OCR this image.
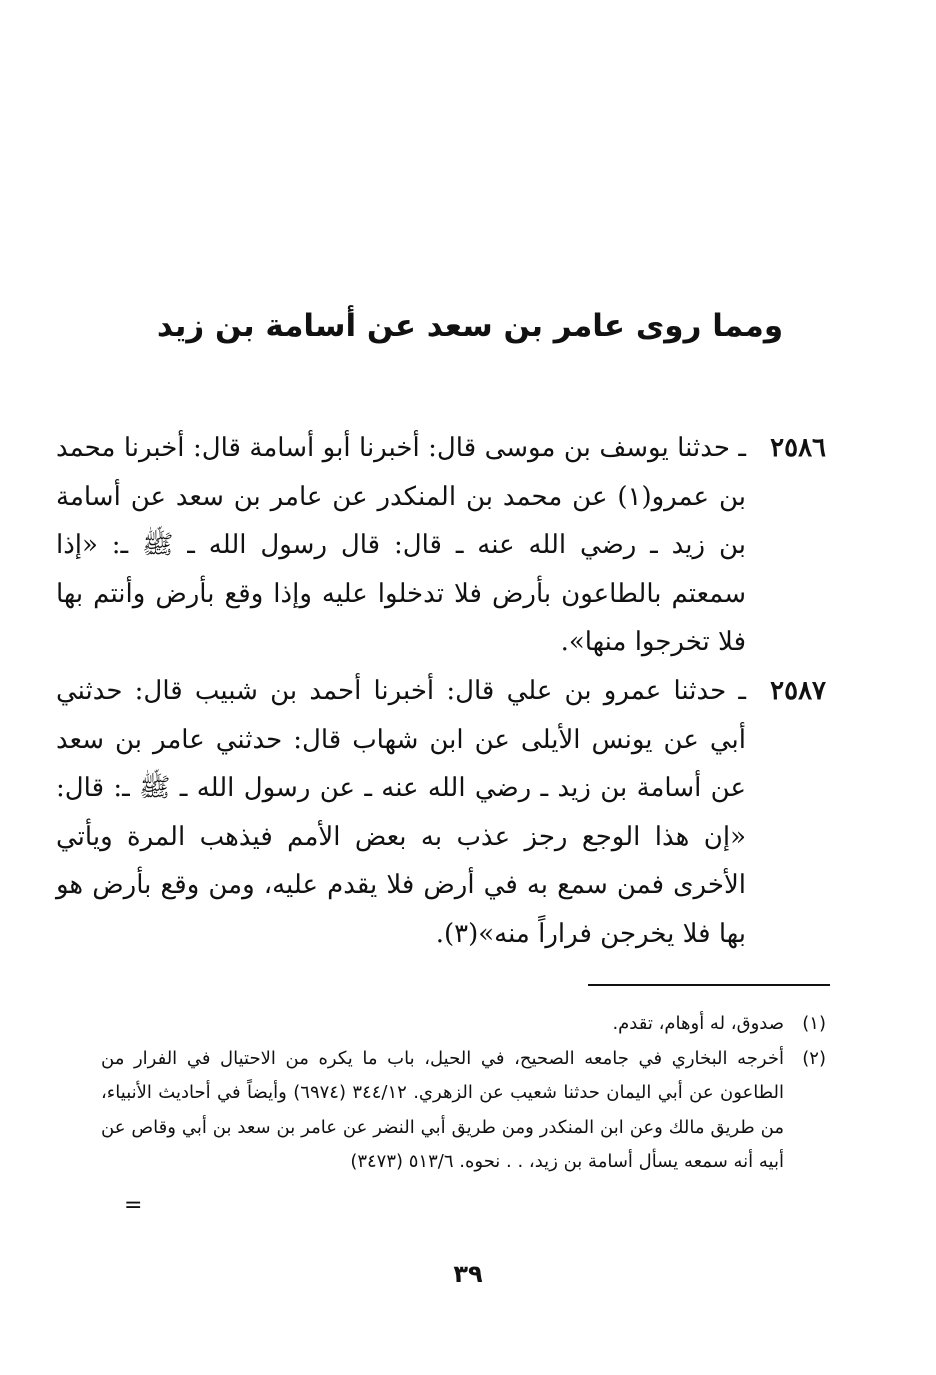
ومما روى عامر بن سعد عن أسامة بن زيد
٢٥٨٦
ـ حدثنا يوسف بن موسى قال: أخبرنا أبو أسامة قال: أخبرنا محمد بن عمرو(١) عن محمد بن المنكدر عن عامر بن سعد عن أسامة بن زيد ـ رضي الله عنه ـ قال: قال رسول الله ـ ﷺ ـ: «إذا سمعتم بالطاعون بأرض فلا تدخلوا عليه وإذا وقع بأرض وأنتم بها فلا تخرجوا منها».
٢٥٨٧
ـ حدثنا عمرو بن علي قال: أخبرنا أحمد بن شبيب قال: حدثني أبي عن يونس الأيلى عن ابن شهاب قال: حدثني عامر بن سعد عن أسامة بن زيد ـ رضي الله عنه ـ عن رسول الله ـ ﷺ ـ: قال: «إن هذا الوجع رجز عذب به بعض الأمم فيذهب المرة ويأتي الأخرى فمن سمع به في أرض فلا يقدم عليه، ومن وقع بأرض هو بها فلا يخرجن فراراً منه»(٣).
(١)
صدوق، له أوهام، تقدم.
(٢)
أخرجه البخاري في جامعه الصحيح، في الحيل، باب ما يكره من الاحتيال في الفرار من الطاعون عن أبي اليمان حدثنا شعيب عن الزهري. ٣٤٤/١٢ (٦٩٧٤) وأيضاً في أحاديث الأنبياء، من طريق مالك وعن ابن المنكدر ومن طريق أبي النضر عن عامر بن سعد بن أبي وقاص عن أبيه أنه سمعه يسأل أسامة بن زيد، . . نحوه. ٥١٣/٦ (٣٤٧٣)
=
٣٩
